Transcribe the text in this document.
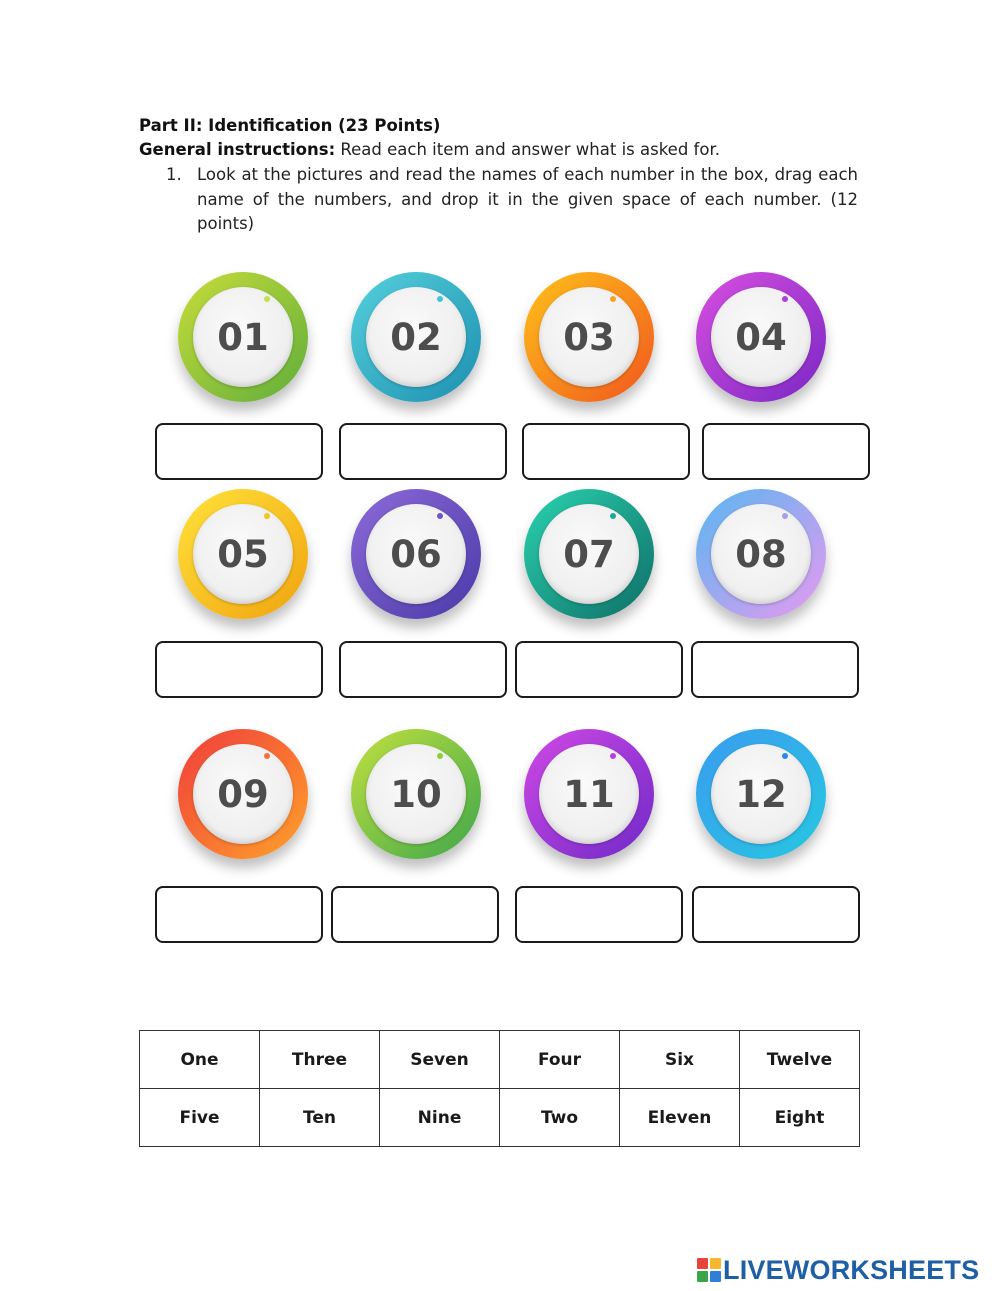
Part II: Identification (23 Points)
General instructions: Read each item and answer what is asked for.
1. Look at the pictures and read the names of each number in the box, drag each name of the numbers, and drop it in the given space of each number. (12 points)
01	02	03	04
05	06	07	08
09	10	11	12
One	Three	Seven	Four	Six	Twelve
Five	Ten	Nine	Two	Eleven	Eight
LIVEWORKSHEETS
